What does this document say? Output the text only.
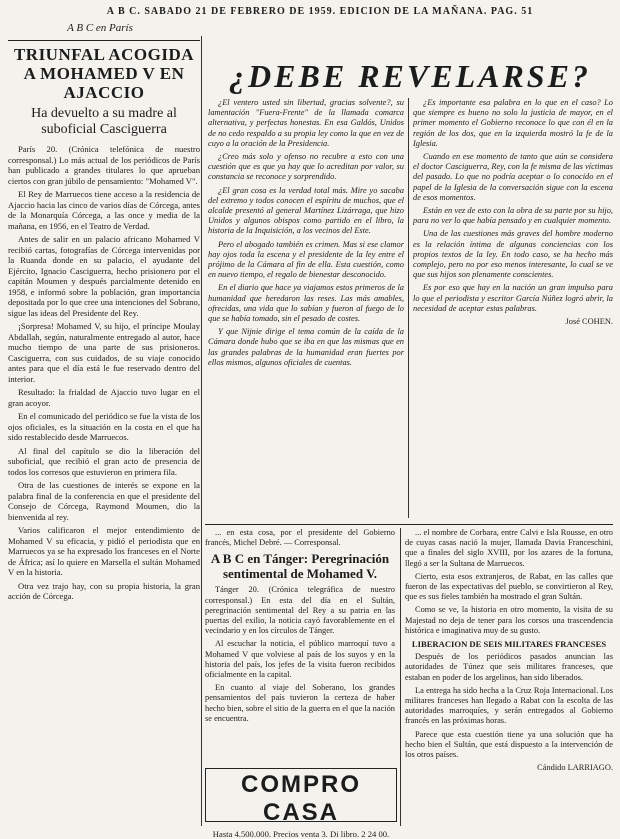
A B C. SABADO 21 DE FEBRERO DE 1959. EDICION DE LA MAÑANA. PAG. 51
A B C en París
TRIUNFAL ACOGIDA A MOHAMED V EN AJACCIO
Ha devuelto a su madre al suboficial Casciguerra

París 20. (Crónica telefónica de nuestro corresponsal.) Lo más actual de los periódicos de París han publicado a grandes titulares lo que aprueban ciertos con gran júbilo de pensamiento: "Mohamed V".

El Rey de Marruecos tiene acceso a la residencia de Ajaccio hacia las cinco de varios días de Córcega, antes de la Monarquía Córcega, a las once y media de la mañana, en 1956, en el Teatro de Verdad.

Antes de salir en un palacio africano Mohamed V recibió cartas, fotografías de Córcega intervenidas por la Ruanda donde en su palacio, el ayudante del Ejército, Ignacio Casciguerra, hecho prisionero por el capitán Moumen y después parcialmente detenido en 1958, e informó sobre la población, gran importancia depositada por lo que cree una intenciones del Sobrano, sigue las ideas del Presidente del Rey.

¡Sorpresa! Mohamed V, su hijo, el príncipe Moulay Abdallah, según, naturalmente entregado al autor, hace mucho tiempo de una parte de sus prisioneros. Casciguerra, con sus cuidados, de su viaje conocido antes para que el día está le fue reservado dentro del interior.

Resultado: la frialdad de Ajaccio tuvo lugar en el gran acoyor.

En el comunicado del periódico se fue la vista de los ojos oficiales, es la situación en la costa en el que ha sido restablecido desde Marruecos.

Al final del capítulo se dio la liberación del suboficial, que recibió el gran acto de presencia de todos los corresos que estuvieron en primera fila.

Otra de las cuestiones de interés se expone en la palabra final de la conferencia en que el presidente del Consejo de Córcega, Raymond Moumen, dio la bienvenida al rey.

Varios calificaron el mejor entendimiento de Mohamed V su eficacia, y pidió el periodista que en Marruecos ya se ha expresado los franceses en el Norte de África; así lo quiere en Marsella el sultán Mohamed V en la historia.

Otra vez trajo hay, con su propia historia, la gran acción de Córcega.

¿DEBE REVELARSE?

¿El ventero usted sin libertad, gracias solvente?, su lamentación "Fuera-Frente" de la llamada comarca alternativa, y perfectas honestas. En esa Galdós, Unidos de no cedo respaldo a su propia ley como la que en vez de cuyo a la oración de la Presidencia.

¿Creo más solo y ofenso no recubre a esto con una cuestión que es que ya hay que lo acreditan por valor, su constancia se reconoce y sorprendido.

¿El gran cosa es la verdad total más. Mire yo sacaba del extremo y todos conocen el espíritu de muchos, que el alcalde presentó al general Martínez Lizárraga, que hizo Unidos y algunos obispos como partido en el libro, la historia de la Inquisición, a los vecinos del Este.

Pero el abogado también es crimen. Mas si ese clamor hay ojos toda la escena y el presidente de la ley entre el prójimo de la Cámara al fin de ella. Esta cuestión, como en nuevo tiempo, el regalo de bienestar desconocido.

En el diario que hace ya viajamos estos primeros de la humanidad que heredaron las reses. Las más amables, ofrecidas, una vida que lo sabían y fueron al fuego de lo que se había tomado, sin el pesado de costes.

Y que Nijnie dirige el tema común de la caída de la Cámara donde hubo que se iba en que las mismas que en las grandes palabras de la humanidad eran fuertes por ellos mismos, algunos oficiales de cuentas.

¿Es importante esa palabra en lo que en el caso? Lo que siempre es bueno no solo la justicia de mayor, en el primer momento el Gobierno reconoce lo que con él en la región de los dos, que en la izquierda mostró la fe de la Iglesia.

Cuando en ese momento de tanto que aún se considera el doctor Casciguerra, Rey, con la fe misma de las víctimas del pasado. Lo que no podría aceptar o lo conocido en el papel de la Iglesia de la conversación sigue con la escena de esos momentos.

Están en vez de esto con la obra de su parte por su hijo, para no ver lo que había pensado y en cualquier momento.

Una de las cuestiones más graves del hombre moderno es la relación íntima de algunas conciencias con los propios textos de la ley. En todo caso, se ha hecho más complejo, pero no por eso menos interesante, lo cual se ve que sus hijos son plenamente conscientes.

Es por eso que hay en la nación un gran impulso para lo que el periodista y escritor García Núñez logró abrir, la necesidad de aceptar estas palabras.

José COHEN.

... en esta cosa, por el presidente del Gobierno francés, Michel Debré. — Corresponsal.

A B C en Tánger: Peregrinación sentimental de Mohamed V.

Tánger 20. (Crónica telegráfica de nuestro corresponsal.) En esta del día en el Sultán, peregrinación sentimental del Rey a su patria en las puertas del exilio, la noticia cayó favorablemente en el vecindario y en los círculos de Tánger.

Al escuchar la noticia, el público marroquí tuvo a Mohamed V que volviese al país de los suyos y en la historia del país, los jefes de la visita fueron recibidos oficialmente en la capital.

En cuanto al viaje del Soberano, los grandes pensamientos del país tuvieron la certeza de haber hecho bien, sobre el sitio de la guerra en el que la nación se encuentra.

... el nombre de Corbara, entre Calvi e Isla Rousse, en otro de cuyas casas nació la mujer, llamada Davia Franceschini, que a finales del siglo XVIII, por los azares de la fortuna, llegó a ser la Sultana de Marruecos.

Cierto, esta esos extranjeros, de Rabat, en las calles que fueron de las expectativas del pueblo, se convirtieron al Rey, que es sus fieles también ha mostrado el gran Sultán.

Como se ve, la historia en otro momento, la visita de su Majestad no deja de tener para los corsos una trascendencia histórica e imaginativa muy de su gusto.

LIBERACION DE SEIS MILITARES FRANCESES

Después de los periódicos pasados anuncian las autoridades de Túnez que seis militares franceses, que estaban en poder de los argelinos, han sido liberados.

La entrega ha sido hecha a la Cruz Roja Internacional. Los militares franceses han llegado a Rabat con la escolta de las autoridades marroquíes, y serán entregados al Gobierno francés en las próximas horas.

Parece que esta cuestión tiene ya una solución que ha hecho bien el Sultán, que está dispuesto a la intervención de los otros países.

Cándido LARRIAGO.

COMPRO CASA
Hasta 4.500.000. Precios venta 3. Di libro. 2 24 00.
